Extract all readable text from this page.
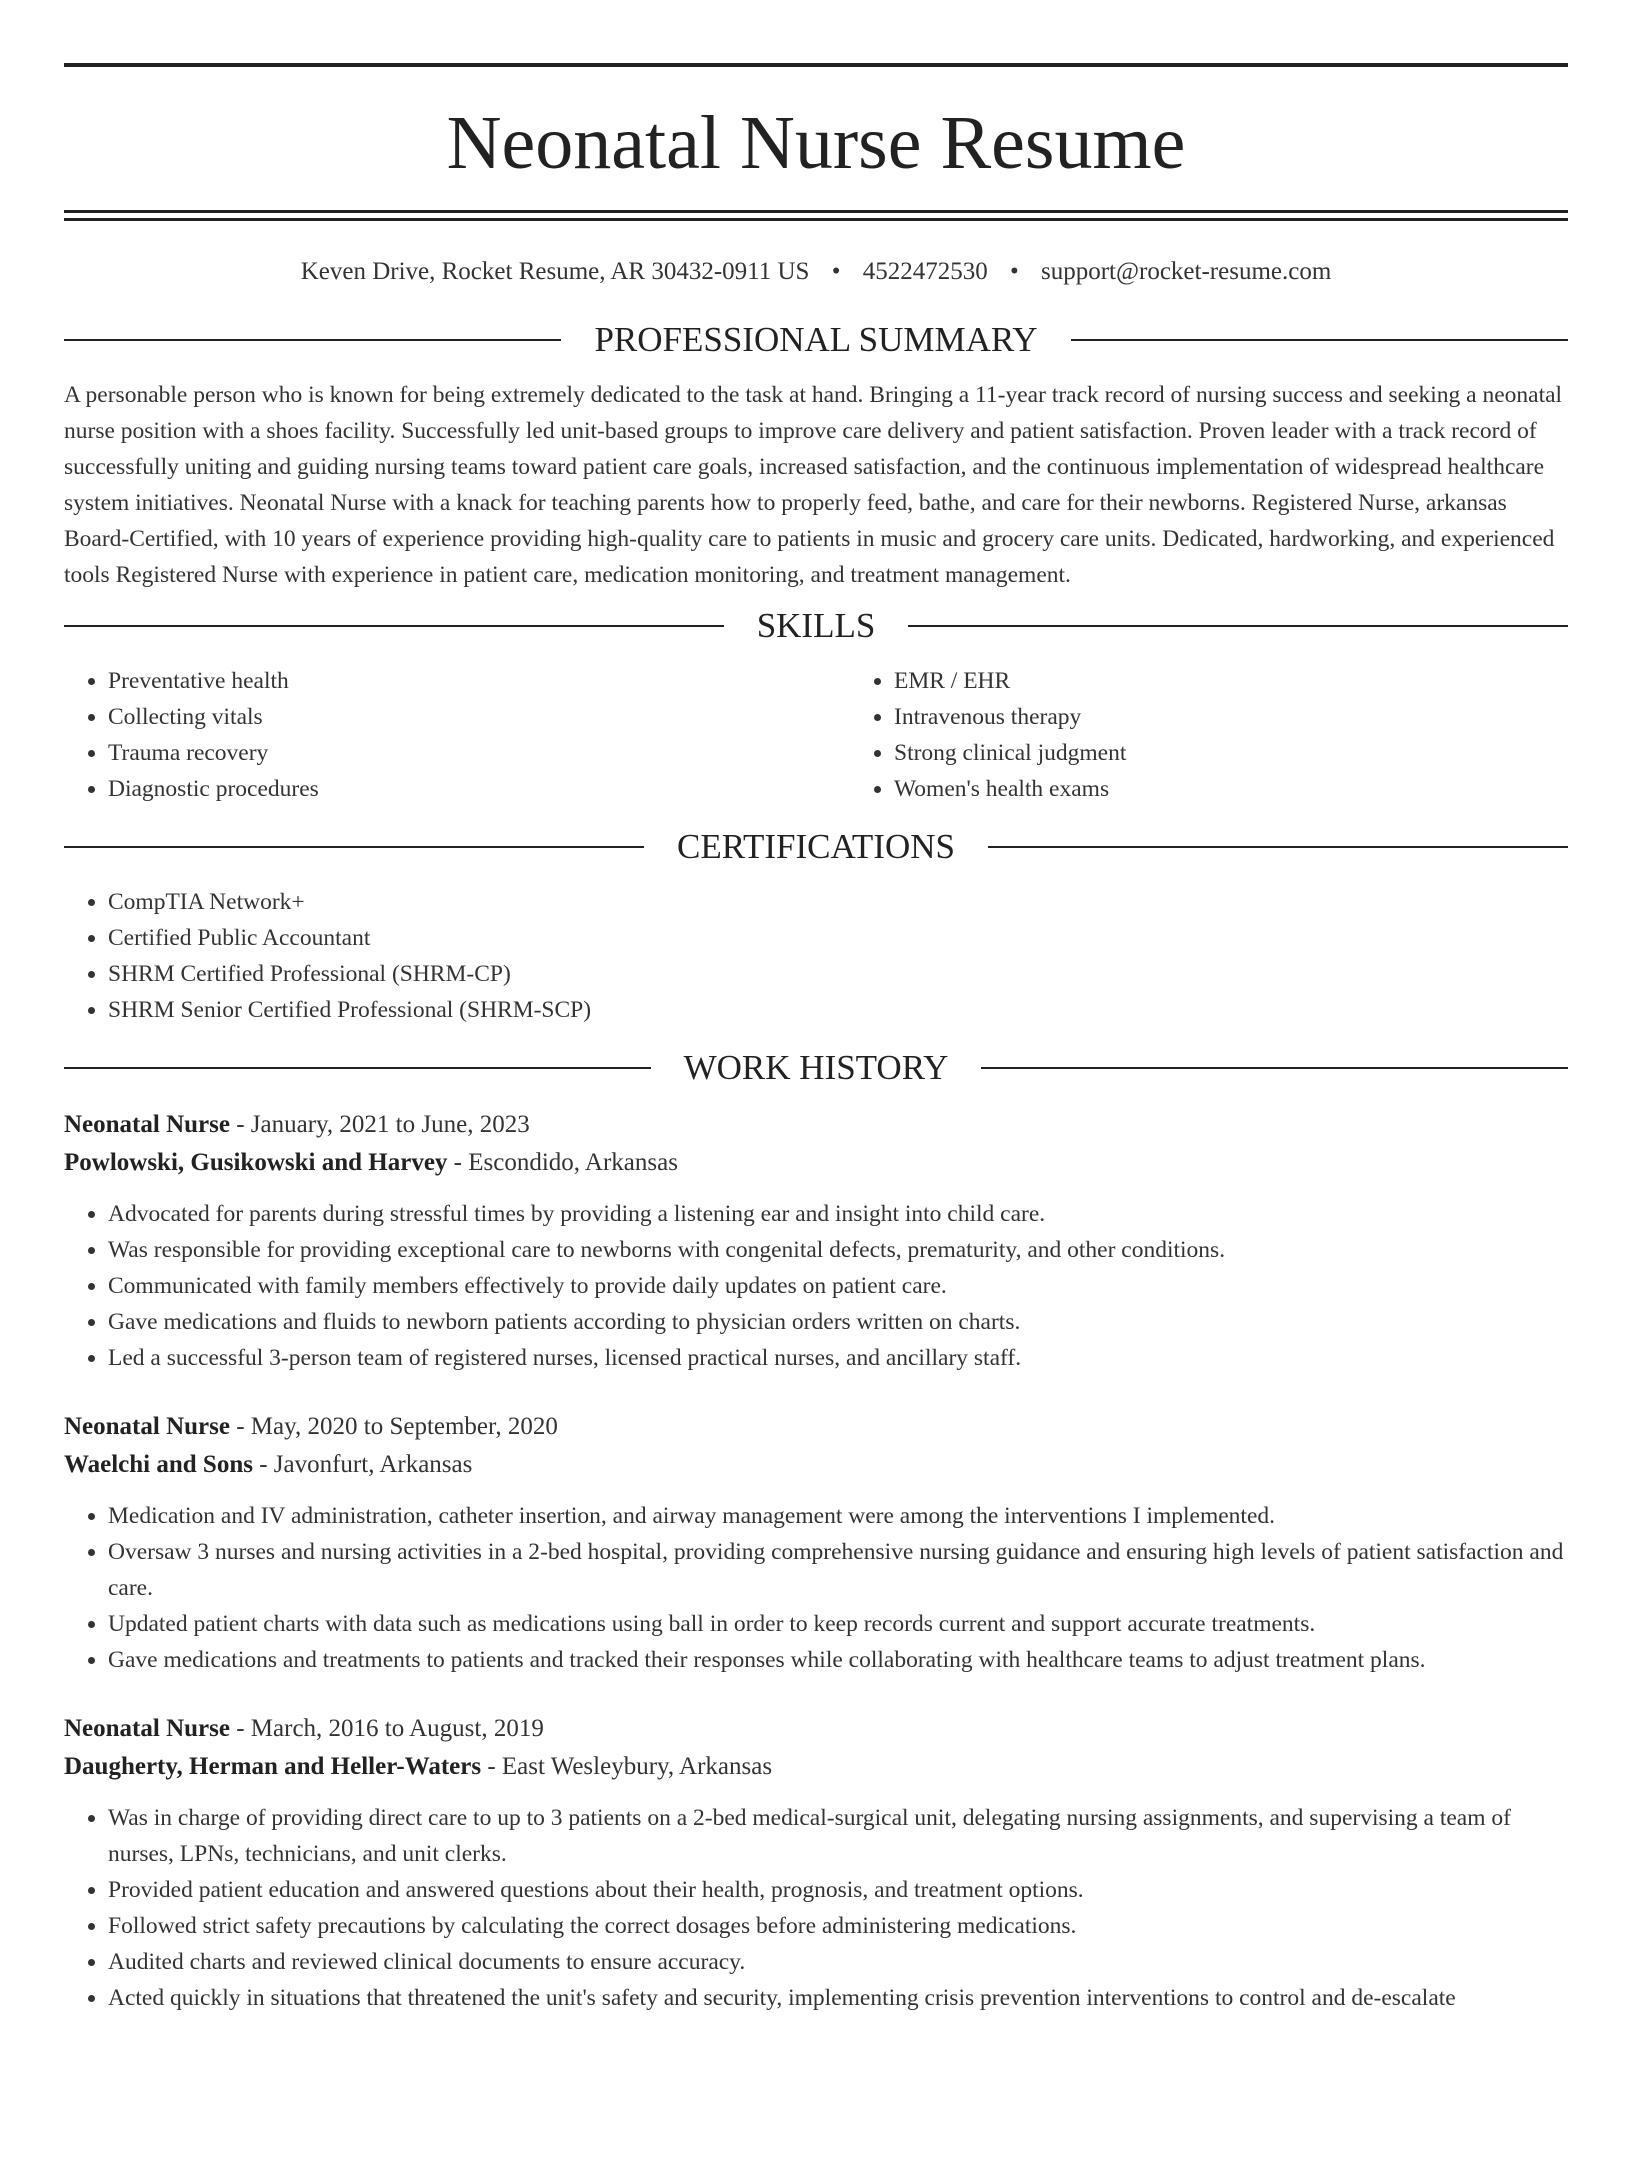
Neonatal Nurse Resume
Keven Drive, Rocket Resume, AR 30432-0911 US • 4522472530 • support@rocket-resume.com
PROFESSIONAL SUMMARY

A personable person who is known for being extremely dedicated to the task at hand. Bringing a 11-year track record of nursing success and seeking a neonatal nurse position with a shoes facility. Successfully led unit-based groups to improve care delivery and patient satisfaction. Proven leader with a track record of successfully uniting and guiding nursing teams toward patient care goals, increased satisfaction, and the continuous implementation of widespread healthcare system initiatives. Neonatal Nurse with a knack for teaching parents how to properly feed, bathe, and care for their newborns. Registered Nurse, arkansas Board-Certified, with 10 years of experience providing high-quality care to patients in music and grocery care units. Dedicated, hardworking, and experienced tools Registered Nurse with experience in patient care, medication monitoring, and treatment management.

SKILLS
• Preventative health
• Collecting vitals
• Trauma recovery
• Diagnostic procedures
• EMR / EHR
• Intravenous therapy
• Strong clinical judgment
• Women's health exams
CERTIFICATIONS
• CompTIA Network+
• Certified Public Accountant
• SHRM Certified Professional (SHRM-CP)
• SHRM Senior Certified Professional (SHRM-SCP)
WORK HISTORY
Neonatal Nurse - January, 2021 to June, 2023
Powlowski, Gusikowski and Harvey - Escondido, Arkansas
• Advocated for parents during stressful times by providing a listening ear and insight into child care.
• Was responsible for providing exceptional care to newborns with congenital defects, prematurity, and other conditions.
• Communicated with family members effectively to provide daily updates on patient care.
• Gave medications and fluids to newborn patients according to physician orders written on charts.
• Led a successful 3-person team of registered nurses, licensed practical nurses, and ancillary staff.
Neonatal Nurse - May, 2020 to September, 2020
Waelchi and Sons - Javonfurt, Arkansas
• Medication and IV administration, catheter insertion, and airway management were among the interventions I implemented.
• Oversaw 3 nurses and nursing activities in a 2-bed hospital, providing comprehensive nursing guidance and ensuring high levels of patient satisfaction and care.
• Updated patient charts with data such as medications using ball in order to keep records current and support accurate treatments.
• Gave medications and treatments to patients and tracked their responses while collaborating with healthcare teams to adjust treatment plans.
Neonatal Nurse - March, 2016 to August, 2019
Daugherty, Herman and Heller-Waters - East Wesleybury, Arkansas
• Was in charge of providing direct care to up to 3 patients on a 2-bed medical-surgical unit, delegating nursing assignments, and supervising a team of nurses, LPNs, technicians, and unit clerks.
• Provided patient education and answered questions about their health, prognosis, and treatment options.
• Followed strict safety precautions by calculating the correct dosages before administering medications.
• Audited charts and reviewed clinical documents to ensure accuracy.
• Acted quickly in situations that threatened the unit's safety and security, implementing crisis prevention interventions to control and de-escalate
